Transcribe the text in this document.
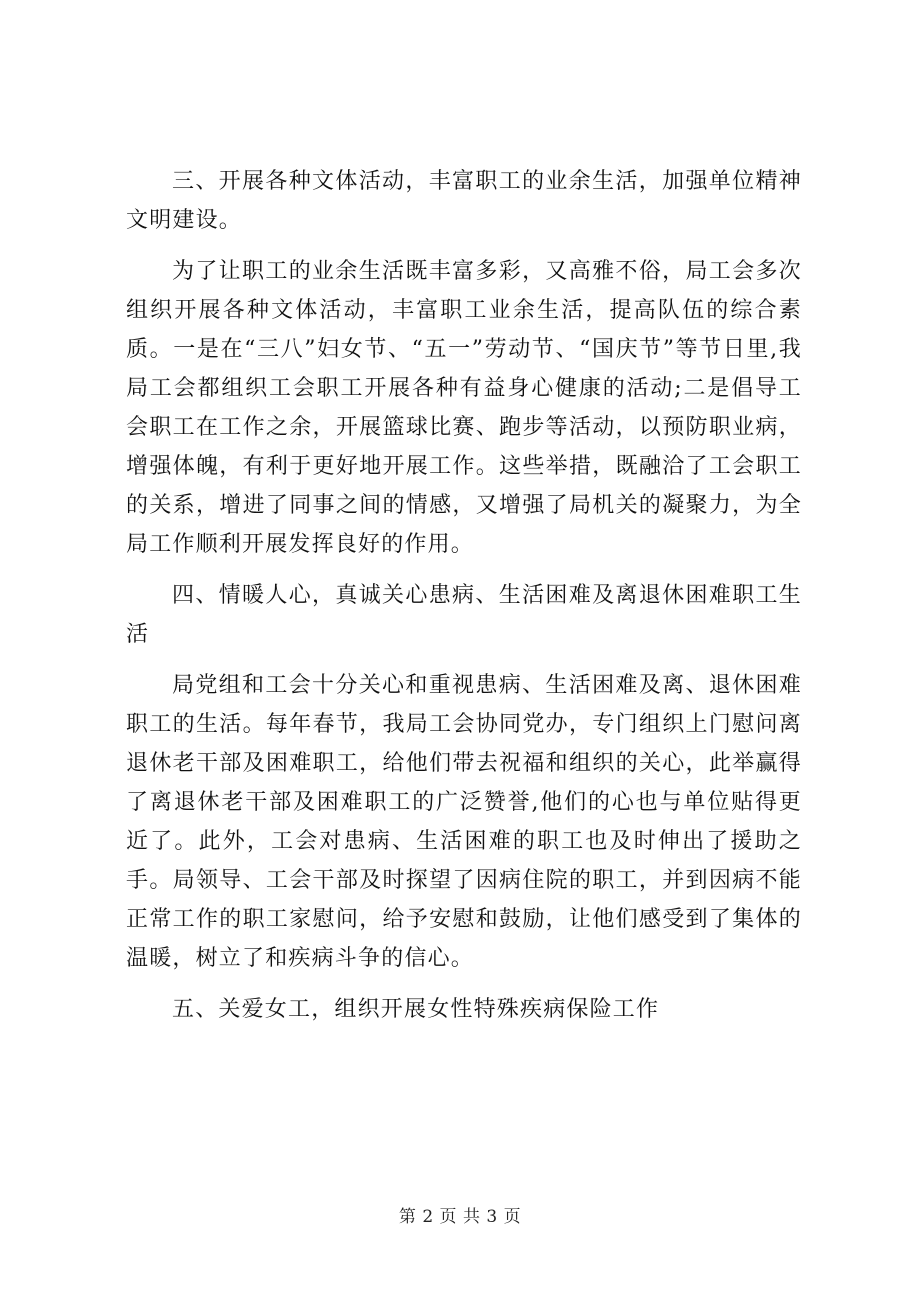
三、开展各种文体活动，丰富职工的业余生活，加强单位精神文明建设。

为了让职工的业余生活既丰富多彩，又高雅不俗，局工会多次组织开展各种文体活动，丰富职工业余生活，提高队伍的综合素质。一是在“三八”妇女节、“五一”劳动节、“国庆节”等节日里,我局工会都组织工会职工开展各种有益身心健康的活动;二是倡导工会职工在工作之余，开展篮球比赛、跑步等活动，以预防职业病，增强体魄，有利于更好地开展工作。这些举措，既融洽了工会职工的关系，增进了同事之间的情感，又增强了局机关的凝聚力，为全局工作顺利开展发挥良好的作用。

四、情暖人心，真诚关心患病、生活困难及离退休困难职工生活

局党组和工会十分关心和重视患病、生活困难及离、退休困难职工的生活。每年春节，我局工会协同党办，专门组织上门慰问离退休老干部及困难职工，给他们带去祝福和组织的关心，此举赢得了离退休老干部及困难职工的广泛赞誉,他们的心也与单位贴得更近了。此外，工会对患病、生活困难的职工也及时伸出了援助之手。局领导、工会干部及时探望了因病住院的职工，并到因病不能正常工作的职工家慰问，给予安慰和鼓励，让他们感受到了集体的温暖，树立了和疾病斗争的信心。

五、关爱女工，组织开展女性特殊疾病保险工作

第 2 页 共 3 页
